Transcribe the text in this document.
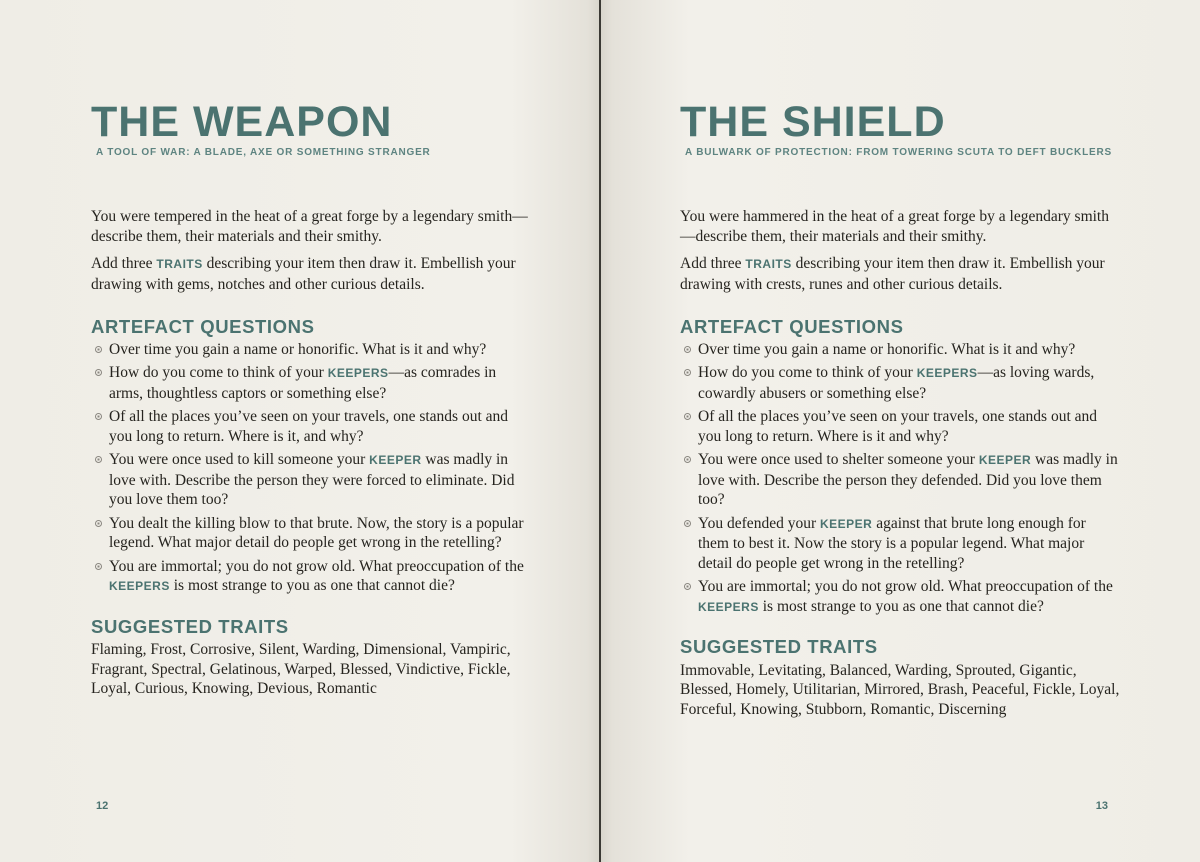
THE WEAPON
A TOOL OF WAR: A BLADE, AXE OR SOMETHING STRANGER

You were tempered in the heat of a great forge by a legendary smith—describe them, their materials and their smithy.

Add three TRAITS describing your item then draw it. Embellish your drawing with gems, notches and other curious details.

ARTEFACT QUESTIONS
Over time you gain a name or honorific. What is it and why?
How do you come to think of your KEEPERS—as comrades in arms, thoughtless captors or something else?
Of all the places you’ve seen on your travels, one stands out and you long to return. Where is it, and why?
You were once used to kill someone your KEEPER was madly in love with. Describe the person they were forced to eliminate. Did you love them too?
You dealt the killing blow to that brute. Now, the story is a popular legend. What major detail do people get wrong in the retelling?
You are immortal; you do not grow old. What preoccupation of the KEEPERS is most strange to you as one that cannot die?
SUGGESTED TRAITS

Flaming, Frost, Corrosive, Silent, Warding, Dimensional, Vampiric, Fragrant, Spectral, Gelatinous, Warped, Blessed, Vindictive, Fickle, Loyal, Curious, Knowing, Devious, Romantic

12
THE SHIELD
A BULWARK OF PROTECTION: FROM TOWERING SCUTA TO DEFT BUCKLERS

You were hammered in the heat of a great forge by a legendary smith—describe them, their materials and their smithy.

Add three TRAITS describing your item then draw it. Embellish your drawing with crests, runes and other curious details.

ARTEFACT QUESTIONS
Over time you gain a name or honorific. What is it and why?
How do you come to think of your KEEPERS—as loving wards, cowardly abusers or something else?
Of all the places you’ve seen on your travels, one stands out and you long to return. Where is it and why?
You were once used to shelter someone your KEEPER was madly in love with. Describe the person they defended. Did you love them too?
You defended your KEEPER against that brute long enough for them to best it. Now the story is a popular legend. What major detail do people get wrong in the retelling?
You are immortal; you do not grow old. What preoccupation of the KEEPERS is most strange to you as one that cannot die?
SUGGESTED TRAITS

Immovable, Levitating, Balanced, Warding, Sprouted, Gigantic, Blessed, Homely, Utilitarian, Mirrored, Brash, Peaceful, Fickle, Loyal, Forceful, Knowing, Stubborn, Romantic, Discerning

13
